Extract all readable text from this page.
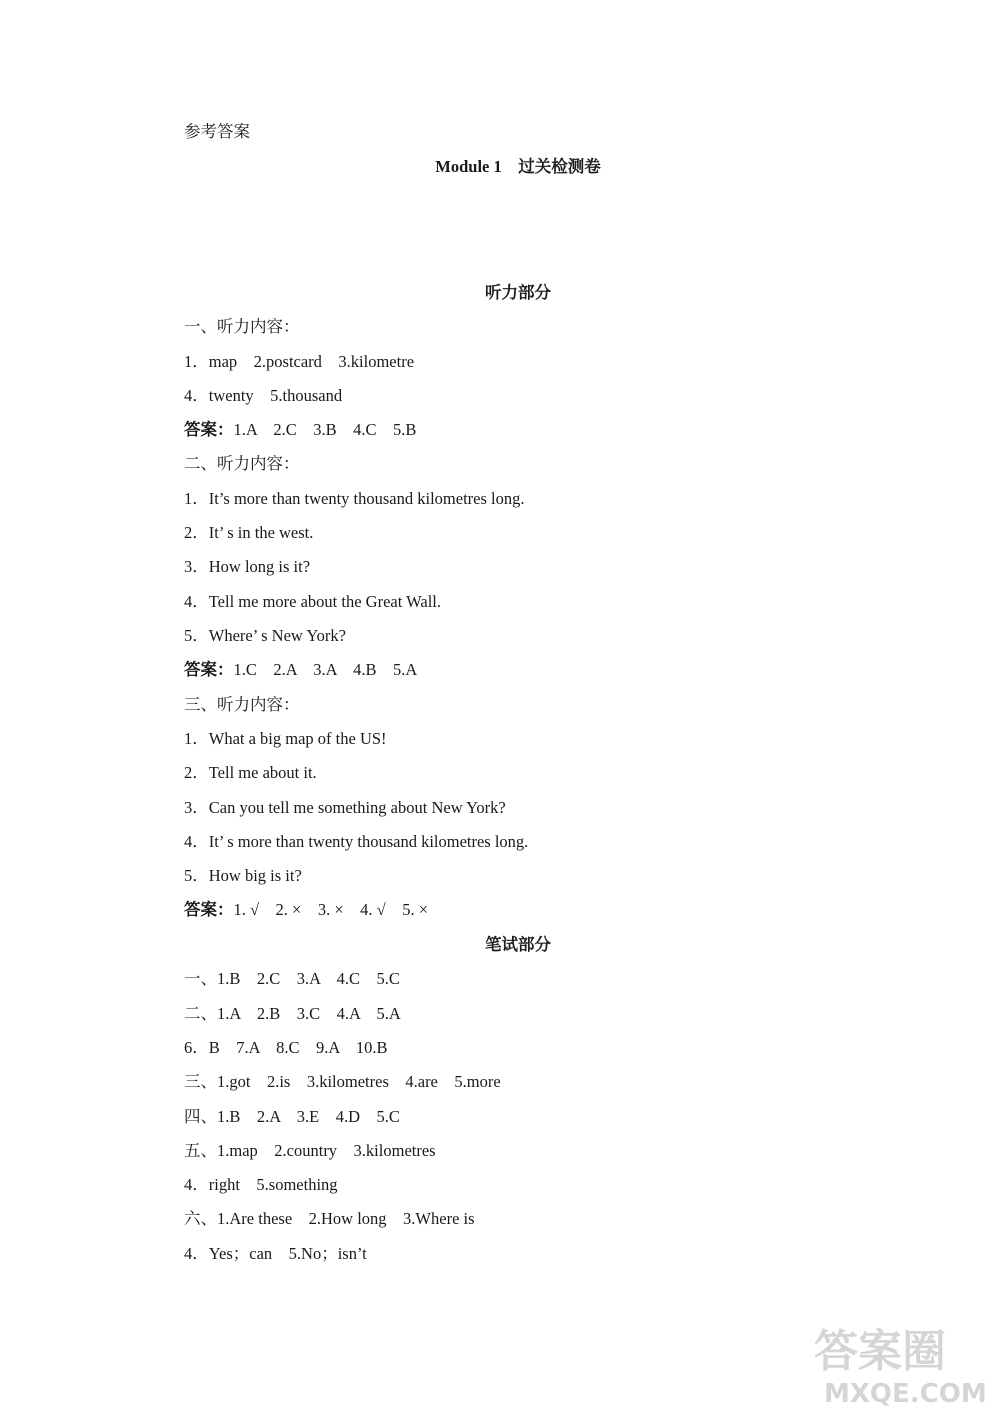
参考答案
Module 1　 过关检测卷
听力部分
一、听力内容：
1．map　2.postcard　3.kilometre
4．twenty　5.thousand
答案：1.A　2.C　3.B　4.C　5.B
二、听力内容：
1．It’s more than twenty thousand kilometres long.
2．It’ s in the west.
3．How long is it?
4．Tell me more about the Great Wall.
5．Where’ s New York?
答案：1.C　2.A　3.A　4.B　5.A
三、听力内容：
1．What a big map of the US!
2．Tell me about it.
3．Can you tell me something about New York?
4．It’ s more than twenty thousand kilometres long.
5．How big is it?
答案：1. √　2. ×　3. ×　4. √　5. ×
笔试部分
一、1.B　2.C　3.A　4.C　5.C
二、1.A　2.B　3.C　4.A　5.A
6．B　7.A　8.C　9.A　10.B
三、1.got　2.is　3.kilometres　4.are　5.more
四、1.B　2.A　3.E　4.D　5.C
五、1.map　2.country　3.kilometres
4．right　5.something
六、1.Are these　2.How long　3.Where is
4．Yes；can　5.No；isn’t
答案圈
MXQE.COM
